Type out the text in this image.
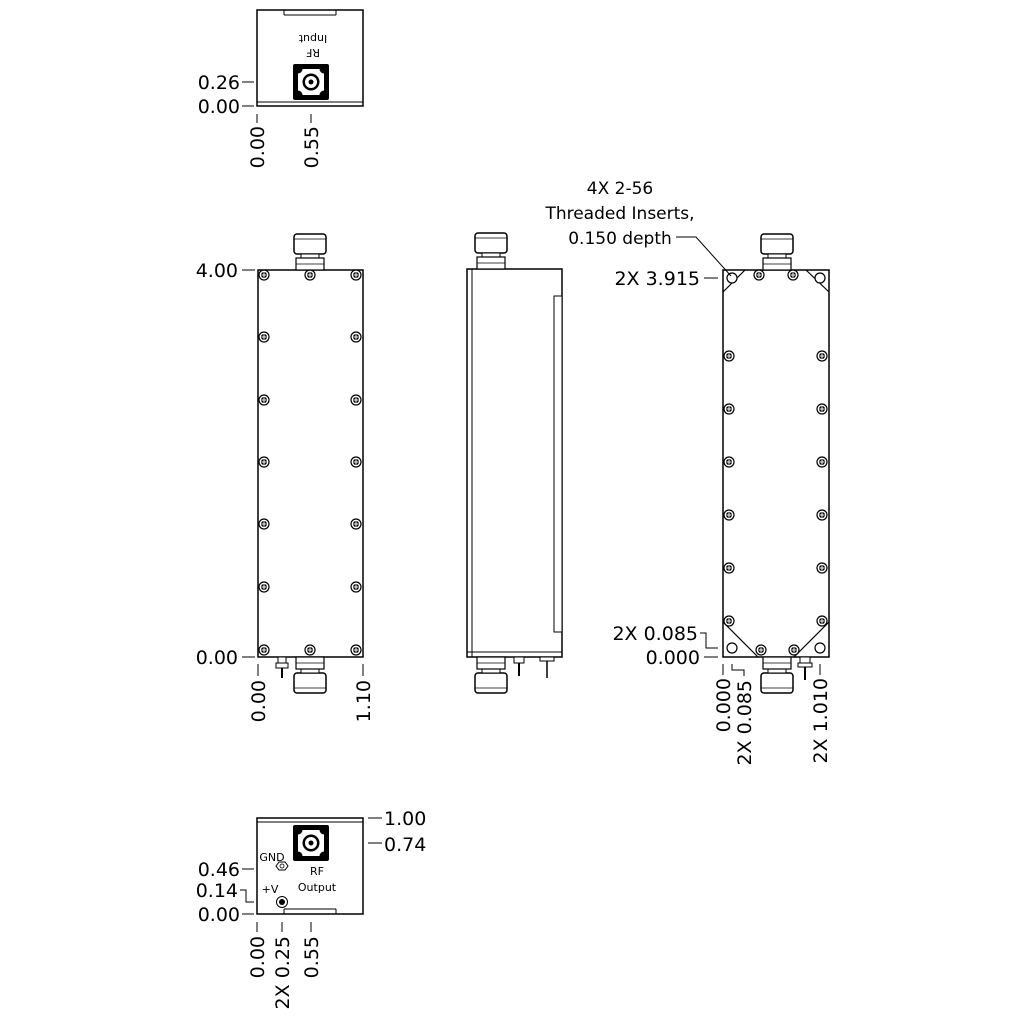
RF
Input
0.26
0.00
0.00 0.55
4.00
0.00
0.00	1.10
4X 2-56
Threaded Inserts,
0.150 depth
2X 3.915
2X 0.085
0.000
0.000 2X 0.085	2X 1.010
GND
+V
RF
Output
1.00
0.74
0.46
0.14
0.00
0.00 2X 0.25 0.55
